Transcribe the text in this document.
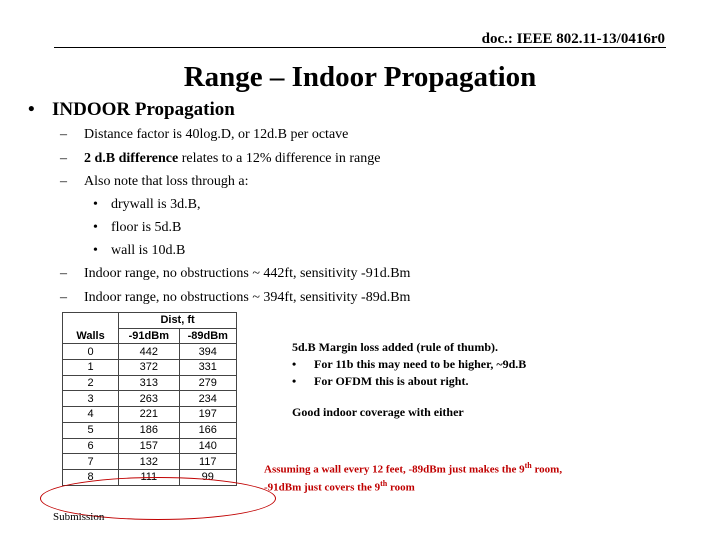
doc.: IEEE 802.11-13/0416r0
Range – Indoor Propagation
• INDOOR Propagation
– Distance factor is 40log.D, or 12d.B per octave
– 2 d.B difference relates to a 12% difference in range
– Also note that loss through a:
• drywall is 3d.B,
• floor is 5d.B
• wall is 10d.B
– Indoor range, no obstructions ~ 442ft, sensitivity -91d.Bm
– Indoor range, no obstructions ~ 394ft, sensitivity -89d.Bm
	Dist, ft	
Walls	-91dBm	-89dBm
0	442	394
1	372	331
2	313	279
3	263	234
4	221	197
5	186	166
6	157	140
7	132	117
8	111	99
5d.B Margin loss added (rule of thumb).
• For 11b this may need to be higher, ~9d.B
• For OFDM this is about right.
Good indoor coverage with either
Assuming a wall every 12 feet, -89dBm just makes the 9th room,
-91dBm just covers the 9th room
Submission
